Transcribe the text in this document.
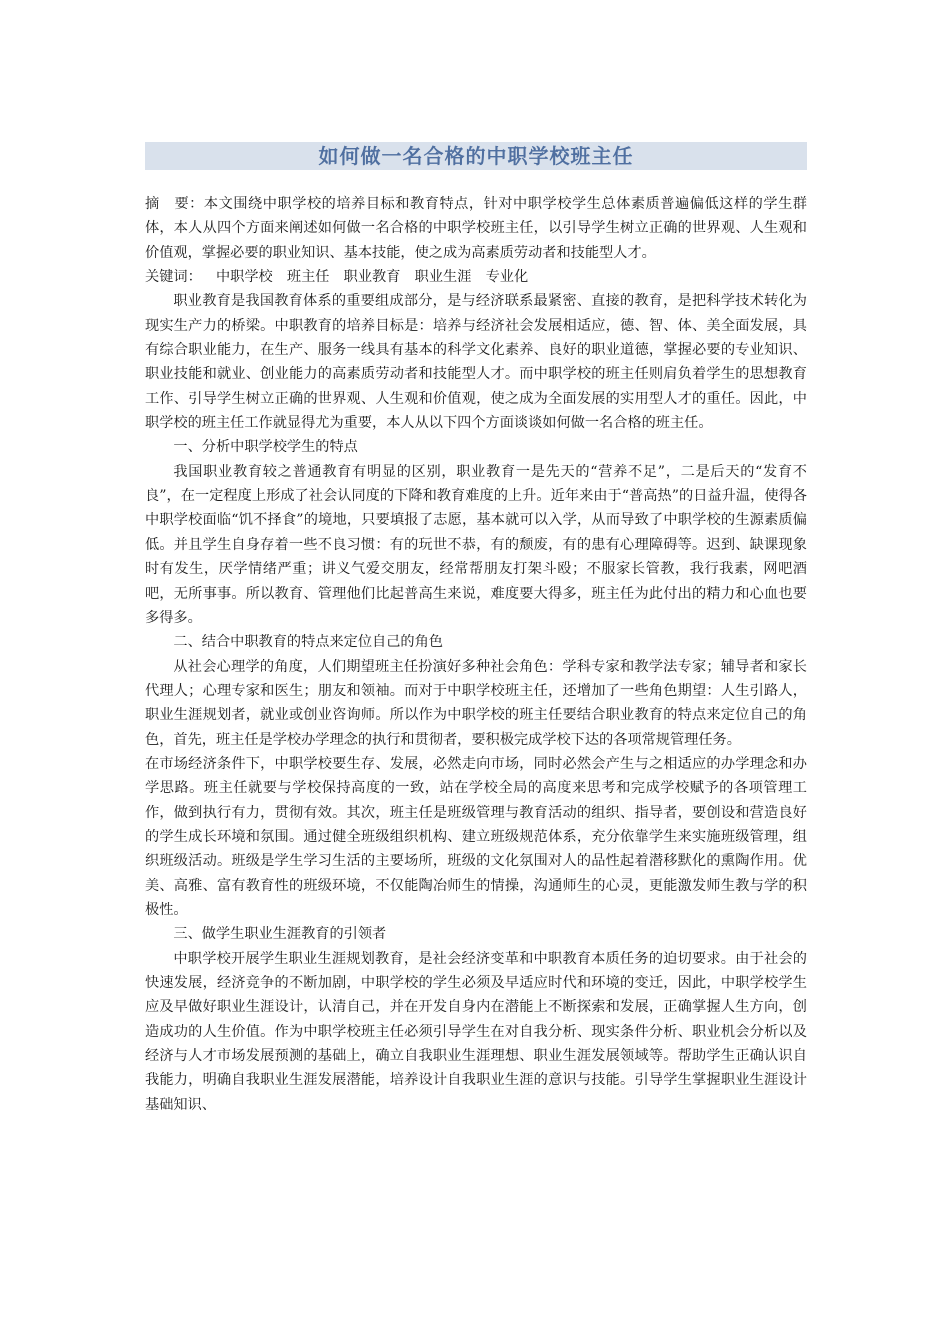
如何做一名合格的中职学校班主任

摘　要：本文围绕中职学校的培养目标和教育特点，针对中职学校学生总体素质普遍偏低这样的学生群体，本人从四个方面来阐述如何做一名合格的中职学校班主任，以引导学生树立正确的世界观、人生观和价值观，掌握必要的职业知识、基本技能，使之成为高素质劳动者和技能型人才。

关键词： 中职学校 班主任 职业教育 职业生涯 专业化

职业教育是我国教育体系的重要组成部分，是与经济联系最紧密、直接的教育，是把科学技术转化为现实生产力的桥梁。中职教育的培养目标是：培养与经济社会发展相适应，德、智、体、美全面发展，具有综合职业能力，在生产、服务一线具有基本的科学文化素养、良好的职业道德，掌握必要的专业知识、职业技能和就业、创业能力的高素质劳动者和技能型人才。而中职学校的班主任则肩负着学生的思想教育工作、引导学生树立正确的世界观、人生观和价值观，使之成为全面发展的实用型人才的重任。因此，中职学校的班主任工作就显得尤为重要，本人从以下四个方面谈谈如何做一名合格的班主任。

一、分析中职学校学生的特点

我国职业教育较之普通教育有明显的区别，职业教育一是先天的“营养不足”，二是后天的“发育不良”，在一定程度上形成了社会认同度的下降和教育难度的上升。近年来由于“普高热”的日益升温，使得各中职学校面临“饥不择食”的境地，只要填报了志愿，基本就可以入学，从而导致了中职学校的生源素质偏低。并且学生自身存着一些不良习惯：有的玩世不恭，有的颓废，有的患有心理障碍等。迟到、缺课现象时有发生，厌学情绪严重；讲义气爱交朋友，经常帮朋友打架斗殴；不服家长管教，我行我素，网吧酒吧，无所事事。所以教育、管理他们比起普高生来说，难度要大得多，班主任为此付出的精力和心血也要多得多。

二、结合中职教育的特点来定位自己的角色

从社会心理学的角度，人们期望班主任扮演好多种社会角色：学科专家和教学法专家；辅导者和家长代理人；心理专家和医生；朋友和领袖。而对于中职学校班主任，还增加了一些角色期望：人生引路人，职业生涯规划者，就业或创业咨询师。所以作为中职学校的班主任要结合职业教育的特点来定位自己的角色，首先，班主任是学校办学理念的执行和贯彻者，要积极完成学校下达的各项常规管理任务。

在市场经济条件下，中职学校要生存、发展，必然走向市场，同时必然会产生与之相适应的办学理念和办学思路。班主任就要与学校保持高度的一致，站在学校全局的高度来思考和完成学校赋予的各项管理工作，做到执行有力，贯彻有效。其次，班主任是班级管理与教育活动的组织、指导者，要创设和营造良好的学生成长环境和氛围。通过健全班级组织机构、建立班级规范体系，充分依靠学生来实施班级管理，组织班级活动。班级是学生学习生活的主要场所，班级的文化氛围对人的品性起着潜移默化的熏陶作用。优美、高雅、富有教育性的班级环境，不仅能陶冶师生的情操，沟通师生的心灵，更能激发师生教与学的积极性。

三、做学生职业生涯教育的引领者

中职学校开展学生职业生涯规划教育，是社会经济变革和中职教育本质任务的迫切要求。由于社会的快速发展，经济竞争的不断加剧，中职学校的学生必须及早适应时代和环境的变迁，因此，中职学校学生应及早做好职业生涯设计，认清自己，并在开发自身内在潜能上不断探索和发展，正确掌握人生方向，创造成功的人生价值。作为中职学校班主任必须引导学生在对自我分析、现实条件分析、职业机会分析以及经济与人才市场发展预测的基础上，确立自我职业生涯理想、职业生涯发展领域等。帮助学生正确认识自我能力，明确自我职业生涯发展潜能，培养设计自我职业生涯的意识与技能。引导学生掌握职业生涯设计基础知识、
